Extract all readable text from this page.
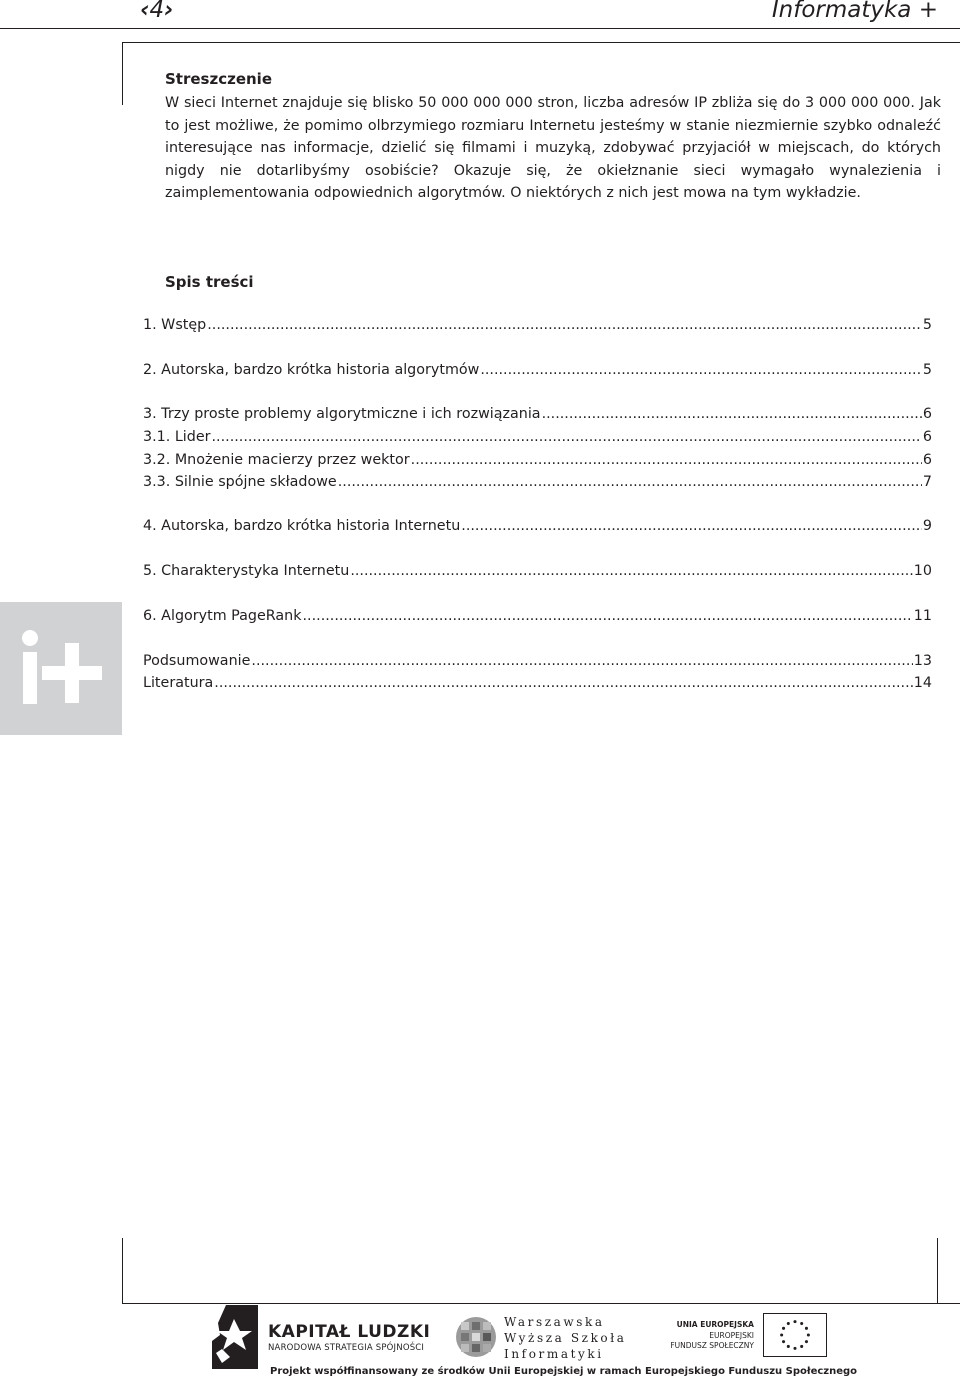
‹4›	Informatyka +
Streszczenie
W sieci Internet znajduje się blisko 50 000 000 000 stron, liczba adresów IP zbliża się do 3 000 000 000. Jak to jest możliwe, że pomimo olbrzymiego rozmiaru Internetu jesteśmy w stanie niezmiernie szybko odnaleźć interesujące nas informacje, dzielić się filmami i muzyką, zdobywać przyjaciół w miejscach, do których nigdy nie dotarlibyśmy osobiście? Okazuje się, że okiełznanie sieci wymagało wynalezienia i zaimplementowania odpowiednich algorytmów. O niektórych z nich jest mowa na tym wykładzie.
Spis treści
1. Wstęp .....	5
2. Autorska, bardzo krótka historia algorytmów .....	5
3. Trzy proste problemy algorytmiczne i ich rozwiązania .....	6
3.1. Lider .....	6
3.2. Mnożenie macierzy przez wektor .....	6
3.3. Silnie spójne składowe .....	7
4. Autorska, bardzo krótka historia Internetu .....	9
5. Charakterystyka Internetu .....	10
6. Algorytm PageRank .....	11
Podsumowanie .....	13
Literatura .....	14
KAPITAŁ LUDZKI
NARODOWA STRATEGIA SPÓJNOŚCI
Warszawska
Wyższa Szkoła
Informatyki
UNIA EUROPEJSKA
EUROPEJSKI
FUNDUSZ SPOŁECZNY
Projekt współfinansowany ze środków Unii Europejskiej w ramach Europejskiego Funduszu Społecznego
